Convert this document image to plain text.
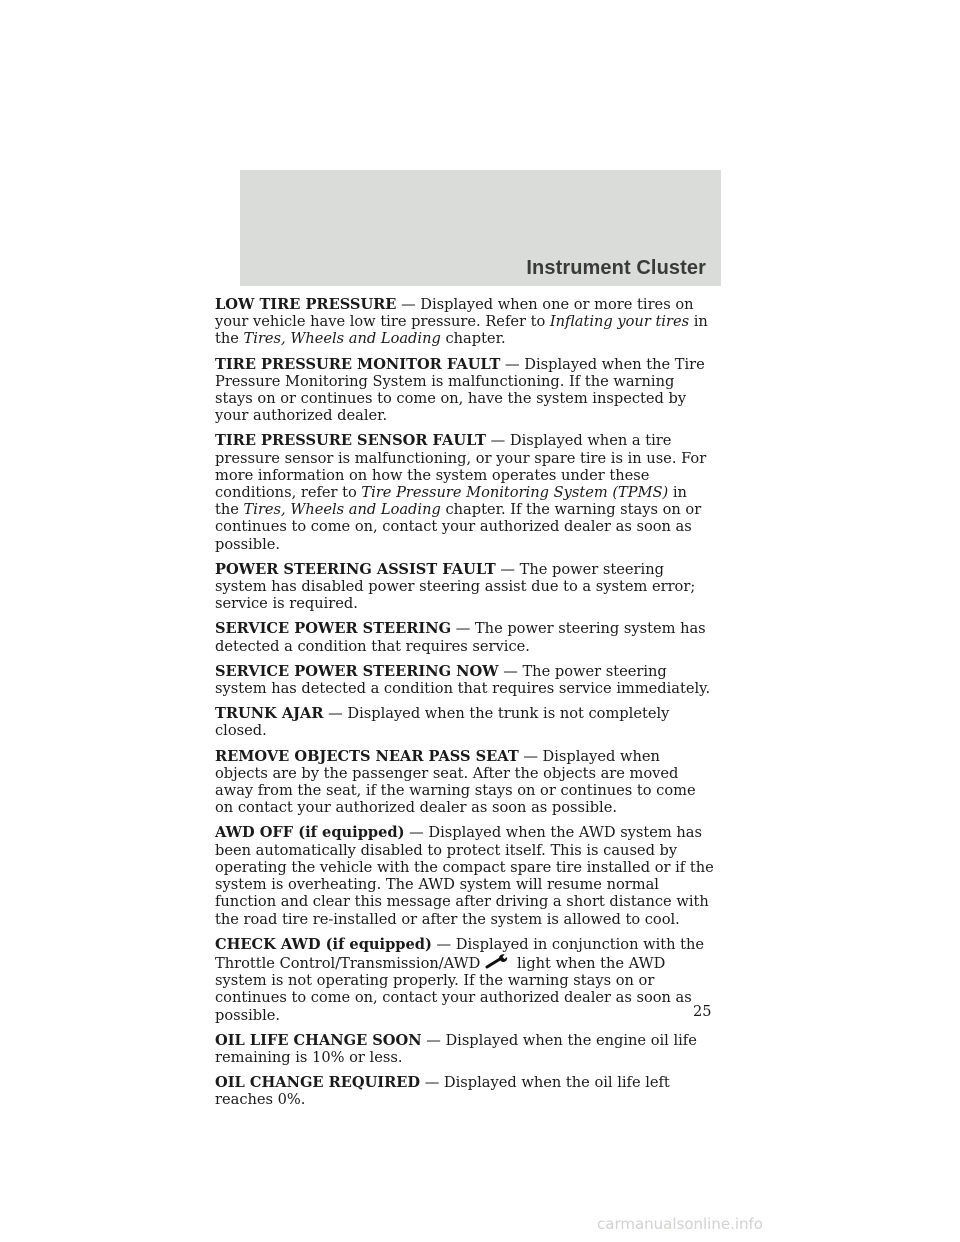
Instrument Cluster

LOW TIRE PRESSURE — Displayed when one or more tires on your vehicle have low tire pressure. Refer to Inflating your tires in the Tires, Wheels and Loading chapter.

TIRE PRESSURE MONITOR FAULT — Displayed when the Tire Pressure Monitoring System is malfunctioning. If the warning stays on or continues to come on, have the system inspected by your authorized dealer.

TIRE PRESSURE SENSOR FAULT — Displayed when a tire pressure sensor is malfunctioning, or your spare tire is in use. For more information on how the system operates under these conditions, refer to Tire Pressure Monitoring System (TPMS) in the Tires, Wheels and Loading chapter. If the warning stays on or continues to come on, contact your authorized dealer as soon as possible.

POWER STEERING ASSIST FAULT — The power steering system has disabled power steering assist due to a system error; service is required.

SERVICE POWER STEERING — The power steering system has detected a condition that requires service.

SERVICE POWER STEERING NOW — The power steering system has detected a condition that requires service immediately.

TRUNK AJAR — Displayed when the trunk is not completely closed.

REMOVE OBJECTS NEAR PASS SEAT — Displayed when objects are by the passenger seat. After the objects are moved away from the seat, if the warning stays on or continues to come on contact your authorized dealer as soon as possible.

AWD OFF (if equipped) — Displayed when the AWD system has been automatically disabled to protect itself. This is caused by operating the vehicle with the compact spare tire installed or if the system is overheating. The AWD system will resume normal function and clear this message after driving a short distance with the road tire re-installed or after the system is allowed to cool.

CHECK AWD (if equipped) — Displayed in conjunction with the Throttle Control/Transmission/AWD light when the AWD system is not operating properly. If the warning stays on or continues to come on, contact your authorized dealer as soon as possible.

OIL LIFE CHANGE SOON — Displayed when the engine oil life remaining is 10% or less.

OIL CHANGE REQUIRED — Displayed when the oil life left reaches 0%.

25
carmanualsonline.info
